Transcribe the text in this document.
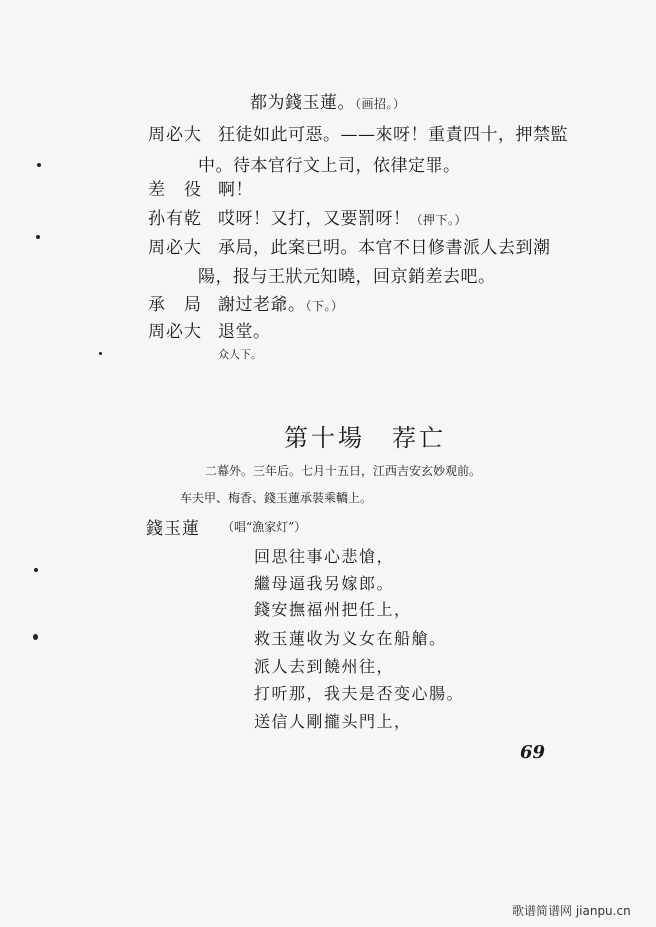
都为錢玉蓮。（画招。）
周必大 狂徒如此可惡。——來呀！重責四十，押禁監
中。待本官行文上司，依律定罪。
差　役 啊！
孙有乾 哎呀！又打，又要罰呀！（押下。）
周必大 承局，此案已明。本官不日修書派人去到潮
陽，报与王狀元知曉，回京銷差去吧。
承　局 謝过老爺。（下。）
周必大 退堂。
众人下。
第十場　荐亡
二幕外。三年后。七月十五日，江西吉安玄妙观前。
车夫甲、梅香、錢玉蓮承裝乘轎上。
錢玉蓮 （唱“漁家灯”）
回思往事心悲愴，
繼母逼我另嫁郎。
錢安撫福州把任上，
救玉蓮收为义女在船艙。
派人去到饒州往，
打听那，我夫是否变心腸。
送信人剛攏头門上，
69
歌谱简谱网 jianpu.cn
